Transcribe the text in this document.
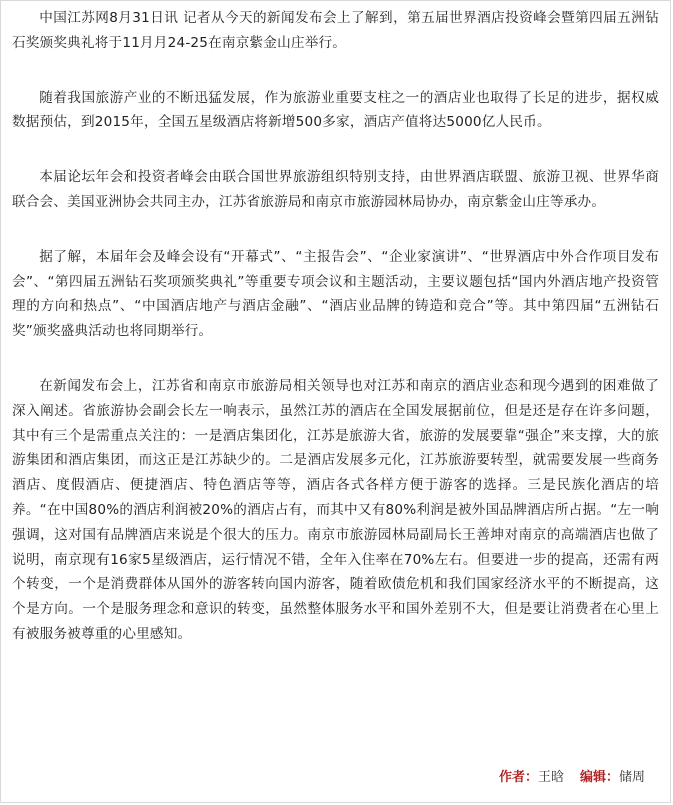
中国江苏网8月31日讯 记者从今天的新闻发布会上了解到，第五届世界酒店投资峰会暨第四届五洲钻石奖颁奖典礼将于11月月24-25在南京紫金山庄举行。

随着我国旅游产业的不断迅猛发展，作为旅游业重要支柱之一的酒店业也取得了长足的进步，据权威数据预估，到2015年，全国五星级酒店将新增500多家，酒店产值将达5000亿人民币。

本届论坛年会和投资者峰会由联合国世界旅游组织特别支持，由世界酒店联盟、旅游卫视、世界华商联合会、美国亚洲协会共同主办，江苏省旅游局和南京市旅游园林局协办，南京紫金山庄等承办。

据了解，本届年会及峰会设有“开幕式”、“主报告会”、“企业家演讲”、“世界酒店中外合作项目发布会”、“第四届五洲钻石奖项颁奖典礼”等重要专项会议和主题活动，主要议题包括“国内外酒店地产投资管理的方向和热点”、“中国酒店地产与酒店金融”、“酒店业品牌的铸造和竞合”等。其中第四届“五洲钻石奖”颁奖盛典活动也将同期举行。

在新闻发布会上，江苏省和南京市旅游局相关领导也对江苏和南京的酒店业态和现今遇到的困难做了深入阐述。省旅游协会副会长左一响表示，虽然江苏的酒店在全国发展据前位，但是还是存在许多问题，其中有三个是需重点关注的：一是酒店集团化，江苏是旅游大省，旅游的发展要靠“强企”来支撑，大的旅游集团和酒店集团，而这正是江苏缺少的。二是酒店发展多元化，江苏旅游要转型，就需要发展一些商务酒店、度假酒店、便捷酒店、特色酒店等等，酒店各式各样方便于游客的选择。三是民族化酒店的培养。“在中国80%的酒店利润被20%的酒店占有，而其中又有80%利润是被外国品牌酒店所占据。“左一响强调，这对国有品牌酒店来说是个很大的压力。南京市旅游园林局副局长王善坤对南京的高端酒店也做了说明，南京现有16家5星级酒店，运行情况不错，全年入住率在70%左右。但要进一步的提高，还需有两个转变，一个是消费群体从国外的游客转向国内游客，随着欧债危机和我们国家经济水平的不断提高，这个是方向。一个是服务理念和意识的转变，虽然整体服务水平和国外差别不大，但是要让消费者在心里上有被服务被尊重的心里感知。

作者：王晗 编辑：储周
